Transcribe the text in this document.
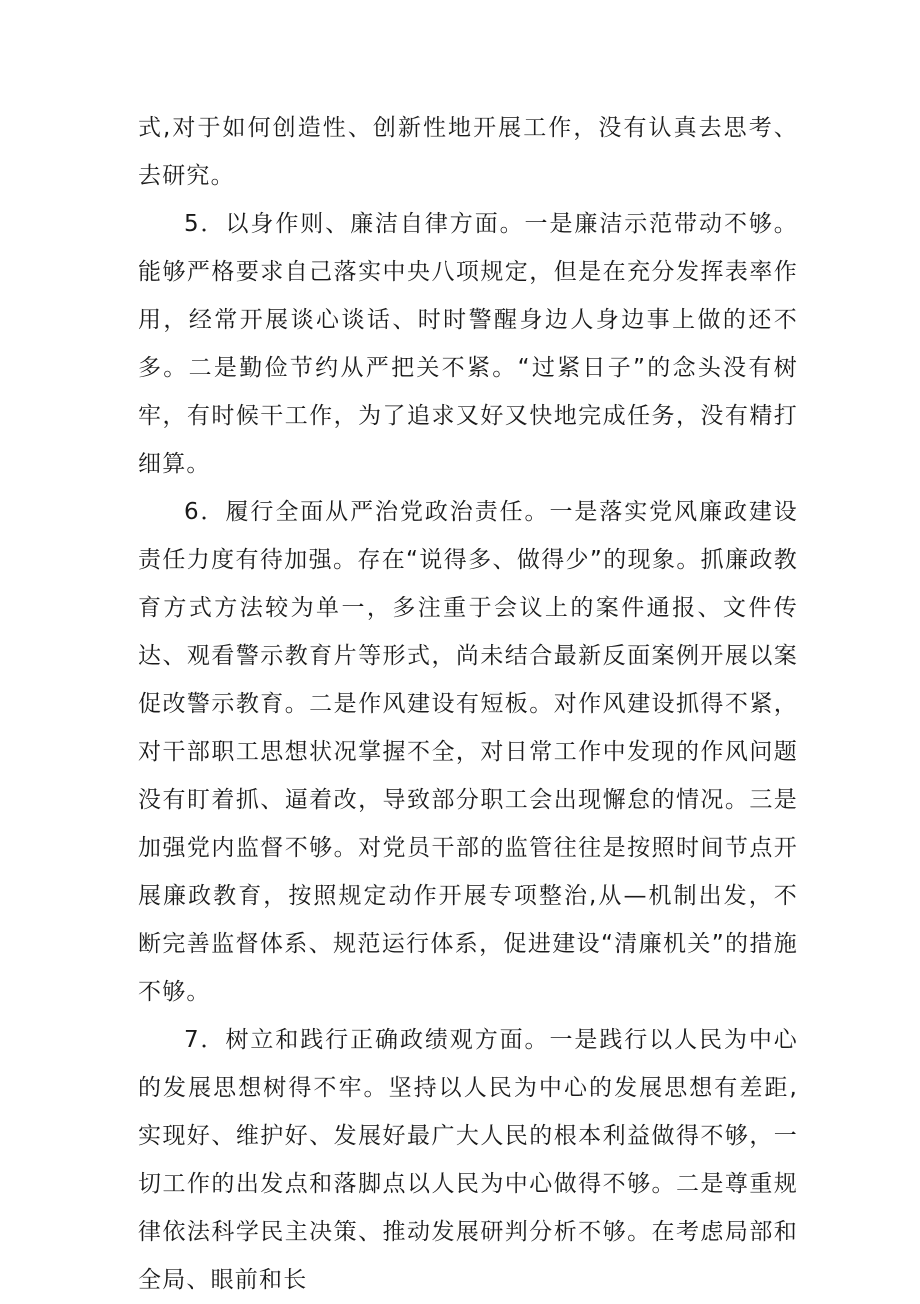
式,对于如何创造性、创新性地开展工作，没有认真去思考、去研究。

5．以身作则、廉洁自律方面。一是廉洁示范带动不够。能够严格要求自己落实中央八项规定，但是在充分发挥表率作用，经常开展谈心谈话、时时警醒身边人身边事上做的还不多。二是勤俭节约从严把关不紧。“过紧日子”的念头没有树牢，有时候干工作，为了追求又好又快地完成任务，没有精打细算。

6．履行全面从严治党政治责任。一是落实党风廉政建设责任力度有待加强。存在“说得多、做得少”的现象。抓廉政教育方式方法较为单一，多注重于会议上的案件通报、文件传达、观看警示教育片等形式，尚未结合最新反面案例开展以案促改警示教育。二是作风建设有短板。对作风建设抓得不紧，对干部职工思想状况掌握不全，对日常工作中发现的作风问题没有盯着抓、逼着改，导致部分职工会出现懈怠的情况。三是加强党内监督不够。对党员干部的监管往往是按照时间节点开展廉政教育，按照规定动作开展专项整治,从—机制出发，不断完善监督体系、规范运行体系，促进建设“清廉机关”的措施不够。

7．树立和践行正确政绩观方面。一是践行以人民为中心的发展思想树得不牢。坚持以人民为中心的发展思想有差距,实现好、维护好、发展好最广大人民的根本利益做得不够，一切工作的出发点和落脚点以人民为中心做得不够。二是尊重规律依法科学民主决策、推动发展研判分析不够。在考虑局部和全局、眼前和长
